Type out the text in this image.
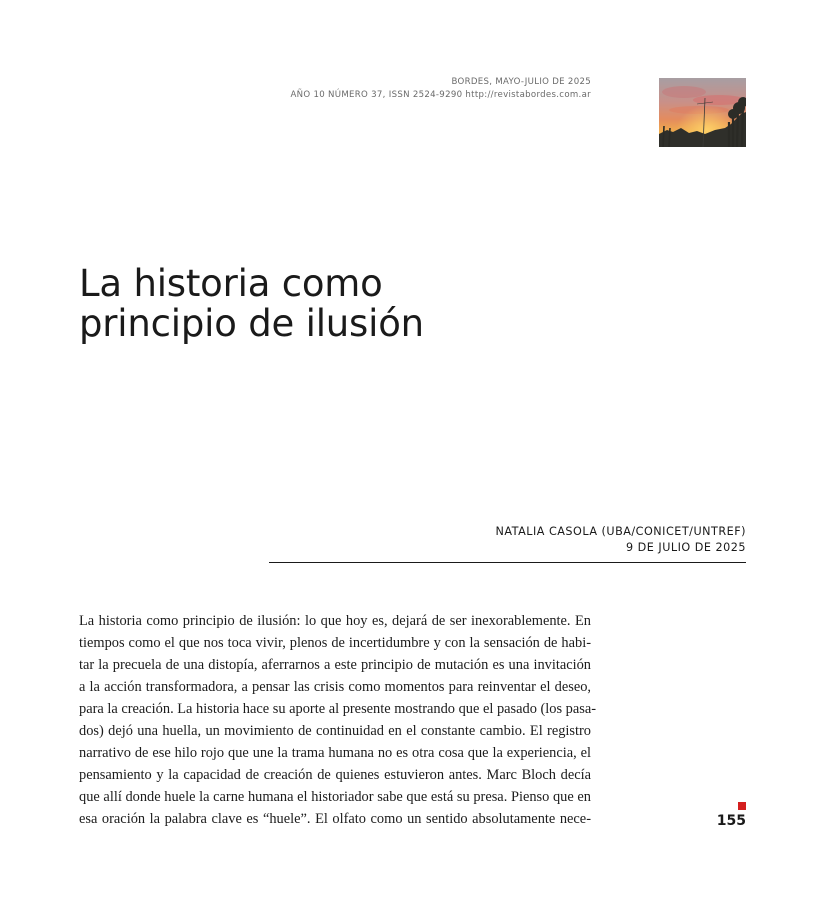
BORDES, MAYO-JULIO DE 2025
AÑO 10 NÚMERO 37, ISSN 2524-9290 http://revistabordes.com.ar
La historia como
principio de ilusión
NATALIA CASOLA (UBA/CONICET/UNTREF)
9 DE JULIO DE 2025
La historia como principio de ilusión: lo que hoy es, dejará de ser inexorablemente. En
tiempos como el que nos toca vivir, plenos de incertidumbre y con la sensación de habi-
tar la precuela de una distopía, aferrarnos a este principio de mutación es una invitación
a la acción transformadora, a pensar las crisis como momentos para reinventar el deseo,
para la creación. La historia hace su aporte al presente mostrando que el pasado (los pasa-
dos) dejó una huella, un movimiento de continuidad en el constante cambio. El registro
narrativo de ese hilo rojo que une la trama humana no es otra cosa que la experiencia, el
pensamiento y la capacidad de creación de quienes estuvieron antes. Marc Bloch decía
que allí donde huele la carne humana el historiador sabe que está su presa. Pienso que en
esa oración la palabra clave es “huele”. El olfato como un sentido absolutamente nece-	155
